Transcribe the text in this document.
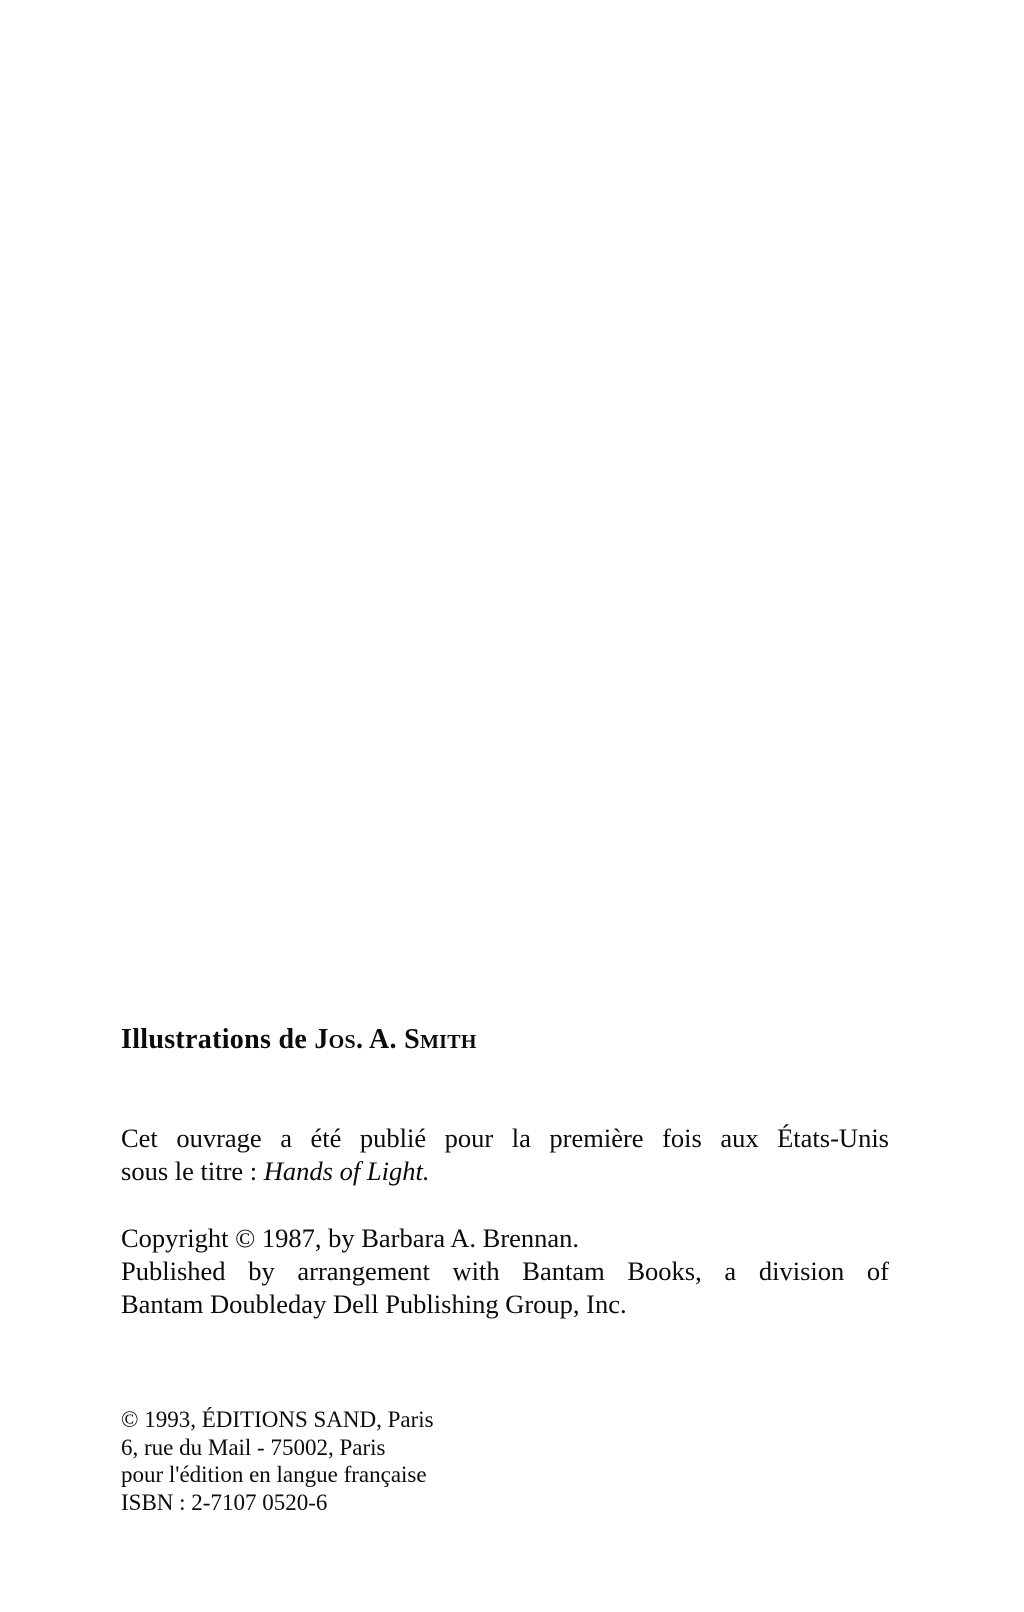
Illustrations de Jos. A. Smith

Cet ouvrage a été publié pour la première fois aux États-Unis
sous le titre : Hands of Light.
Copyright © 1987, by Barbara A. Brennan.
Published by arrangement with Bantam Books, a division of
Bantam Doubleday Dell Publishing Group, Inc.
© 1993, ÉDITIONS SAND, Paris
6, rue du Mail - 75002, Paris
pour l'édition en langue française
ISBN : 2-7107 0520-6
